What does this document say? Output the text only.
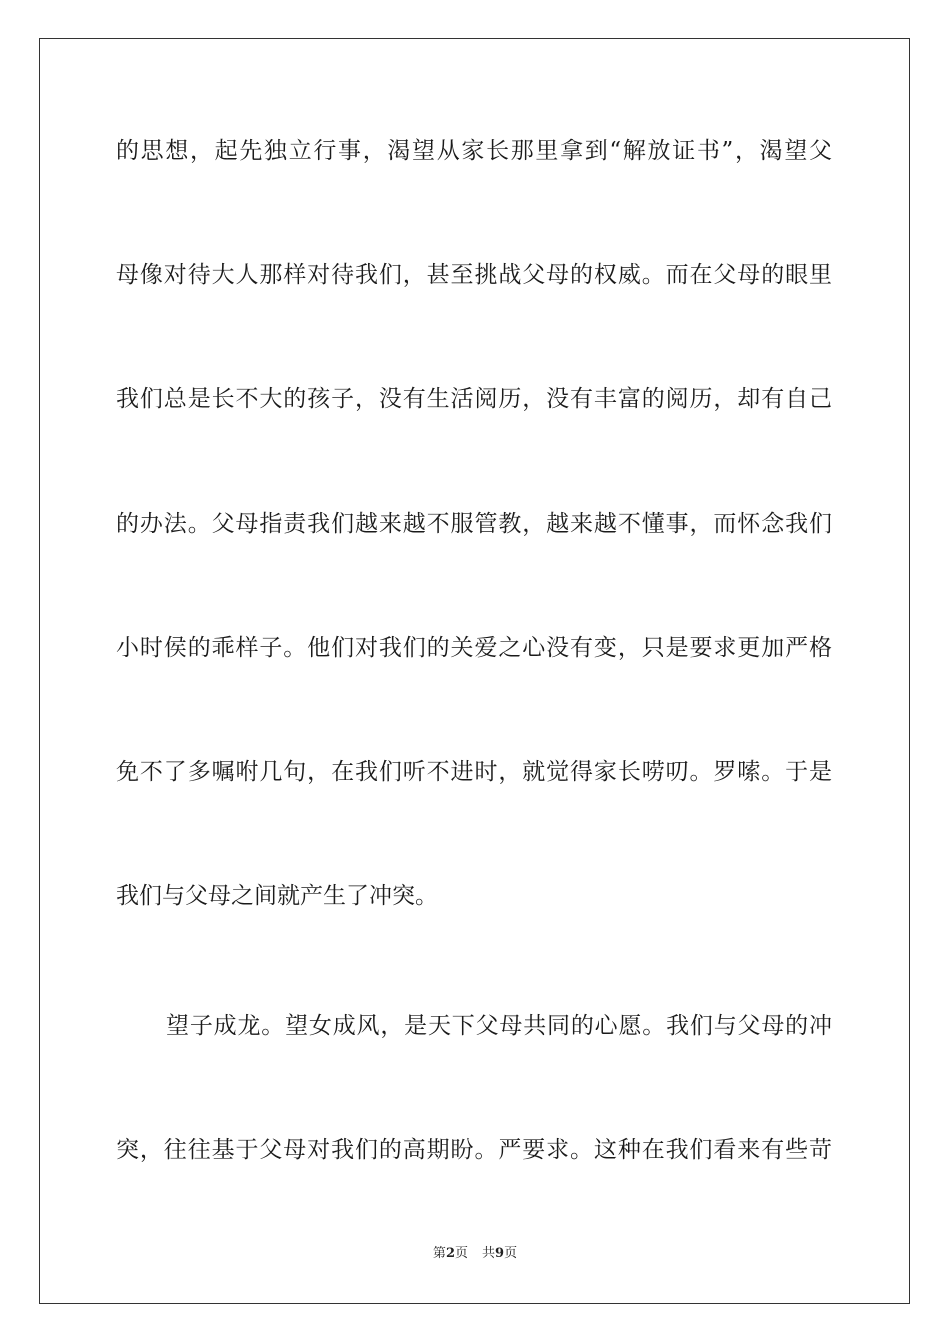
的思想，起先独立行事，渴望从家长那里拿到“解放证书”，渴望父
母像对待大人那样对待我们，甚至挑战父母的权威。而在父母的眼里
我们总是长不大的孩子，没有生活阅历，没有丰富的阅历，却有自己
的办法。父母指责我们越来越不服管教，越来越不懂事，而怀念我们
小时侯的乖样子。他们对我们的关爱之心没有变，只是要求更加严格
免不了多嘱咐几句，在我们听不进时，就觉得家长唠叨。罗嗦。于是
我们与父母之间就产生了冲突。
望子成龙。望女成风，是天下父母共同的心愿。我们与父母的冲
突，往往基于父母对我们的高期盼。严要求。这种在我们看来有些苛
第2页 共9页
